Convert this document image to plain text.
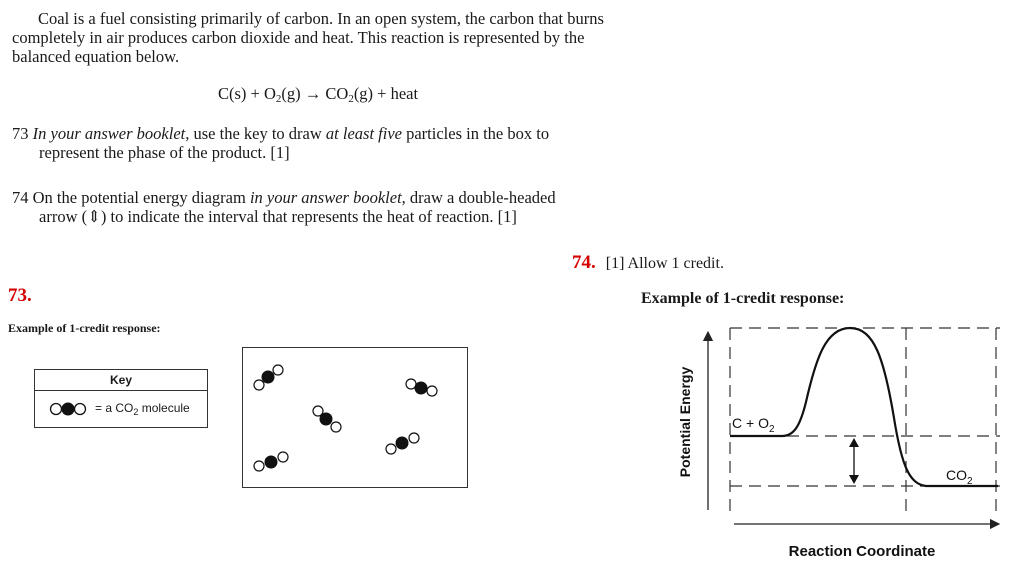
Coal is a fuel consisting primarily of carbon. In an open system, the carbon that burns
completely in air produces carbon dioxide and heat. This reaction is represented by the
balanced equation below.
$C(s) + O_2(g) \to CO_2(g)$ + heat
73 In your answer booklet, use the key to draw at least five particles in the box to
represent the phase of the product. [1]
74 On the potential energy diagram in your answer booklet, draw a double-headed
arrow (⇕) to indicate the interval that represents the heat of reaction. [1]
73.
Example of 1-credit response:
Key
= a $CO_2$ molecule
74. [1] Allow 1 credit.
Example of 1-credit response:
$C + O_2$
$CO_2$
Potential Energy
Reaction Coordinate
